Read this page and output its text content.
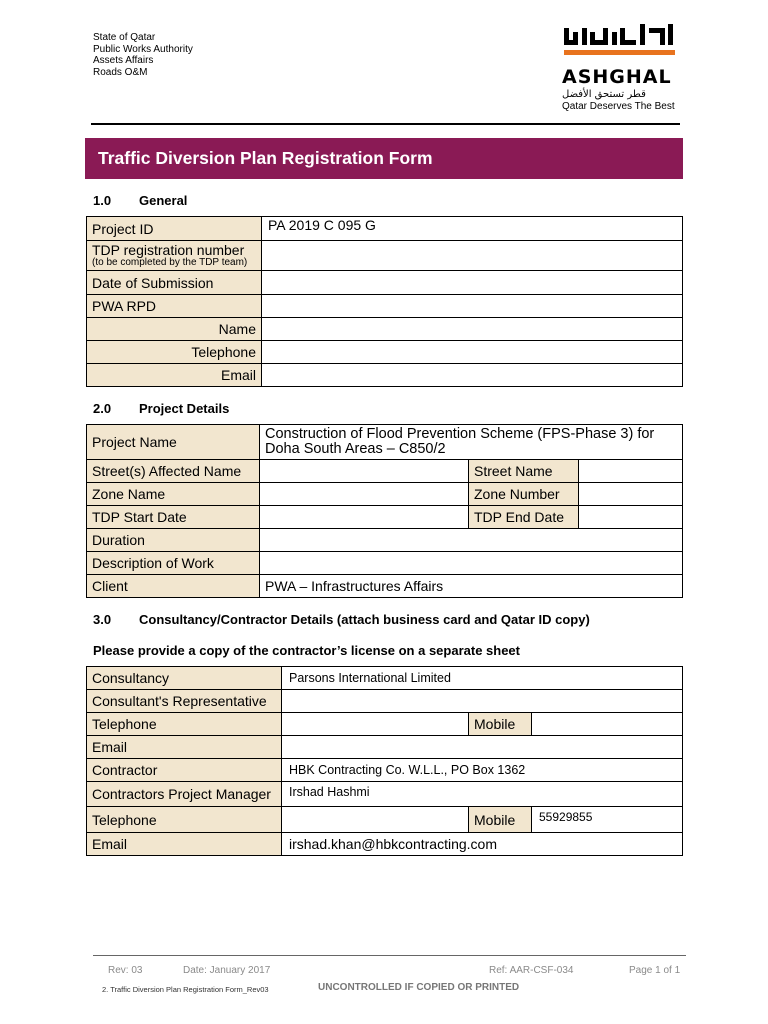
State of Qatar
Public Works Authority
Assets Affairs
Roads O&M	ASHGHAL
قطر تستحق الأفضل
Qatar Deserves The Best
Traffic Diversion Plan Registration Form
1.0 General
Project ID	PA 2019 C 095 G
TDP registration number
(to be completed by the TDP team)	

Date of Submission	
PWA RPD	
Name	
Telephone	
Email	
2.0 Project Details
Project Name	Construction of Flood Prevention Scheme (FPS-Phase 3) for Doha South Areas – C850/2		
Street(s) Affected Name		Street Name	
Zone Name		Zone Number	
TDP Start Date		TDP End Date	
Duration			
Description of Work			
Client	PWA – Infrastructures Affairs		
3.0 Consultancy/Contractor Details (attach business card and Qatar ID copy)
Please provide a copy of the contractor’s license on a separate sheet
Consultancy	Parsons International Limited		
Consultant's Representative			
Telephone		Mobile	
Email			
Contractor	HBK Contracting Co. W.L.L., PO Box 1362		
Contractors Project Manager	Irshad Hashmi		
Telephone		Mobile	55929855
Email	irshad.khan@hbkcontracting.com		
Rev: 03	Date: January 2017	Ref: AAR-CSF-034	Page 1 of 1
2. Traffic Diversion Plan Registration Form_Rev03	UNCONTROLLED IF COPIED OR PRINTED
